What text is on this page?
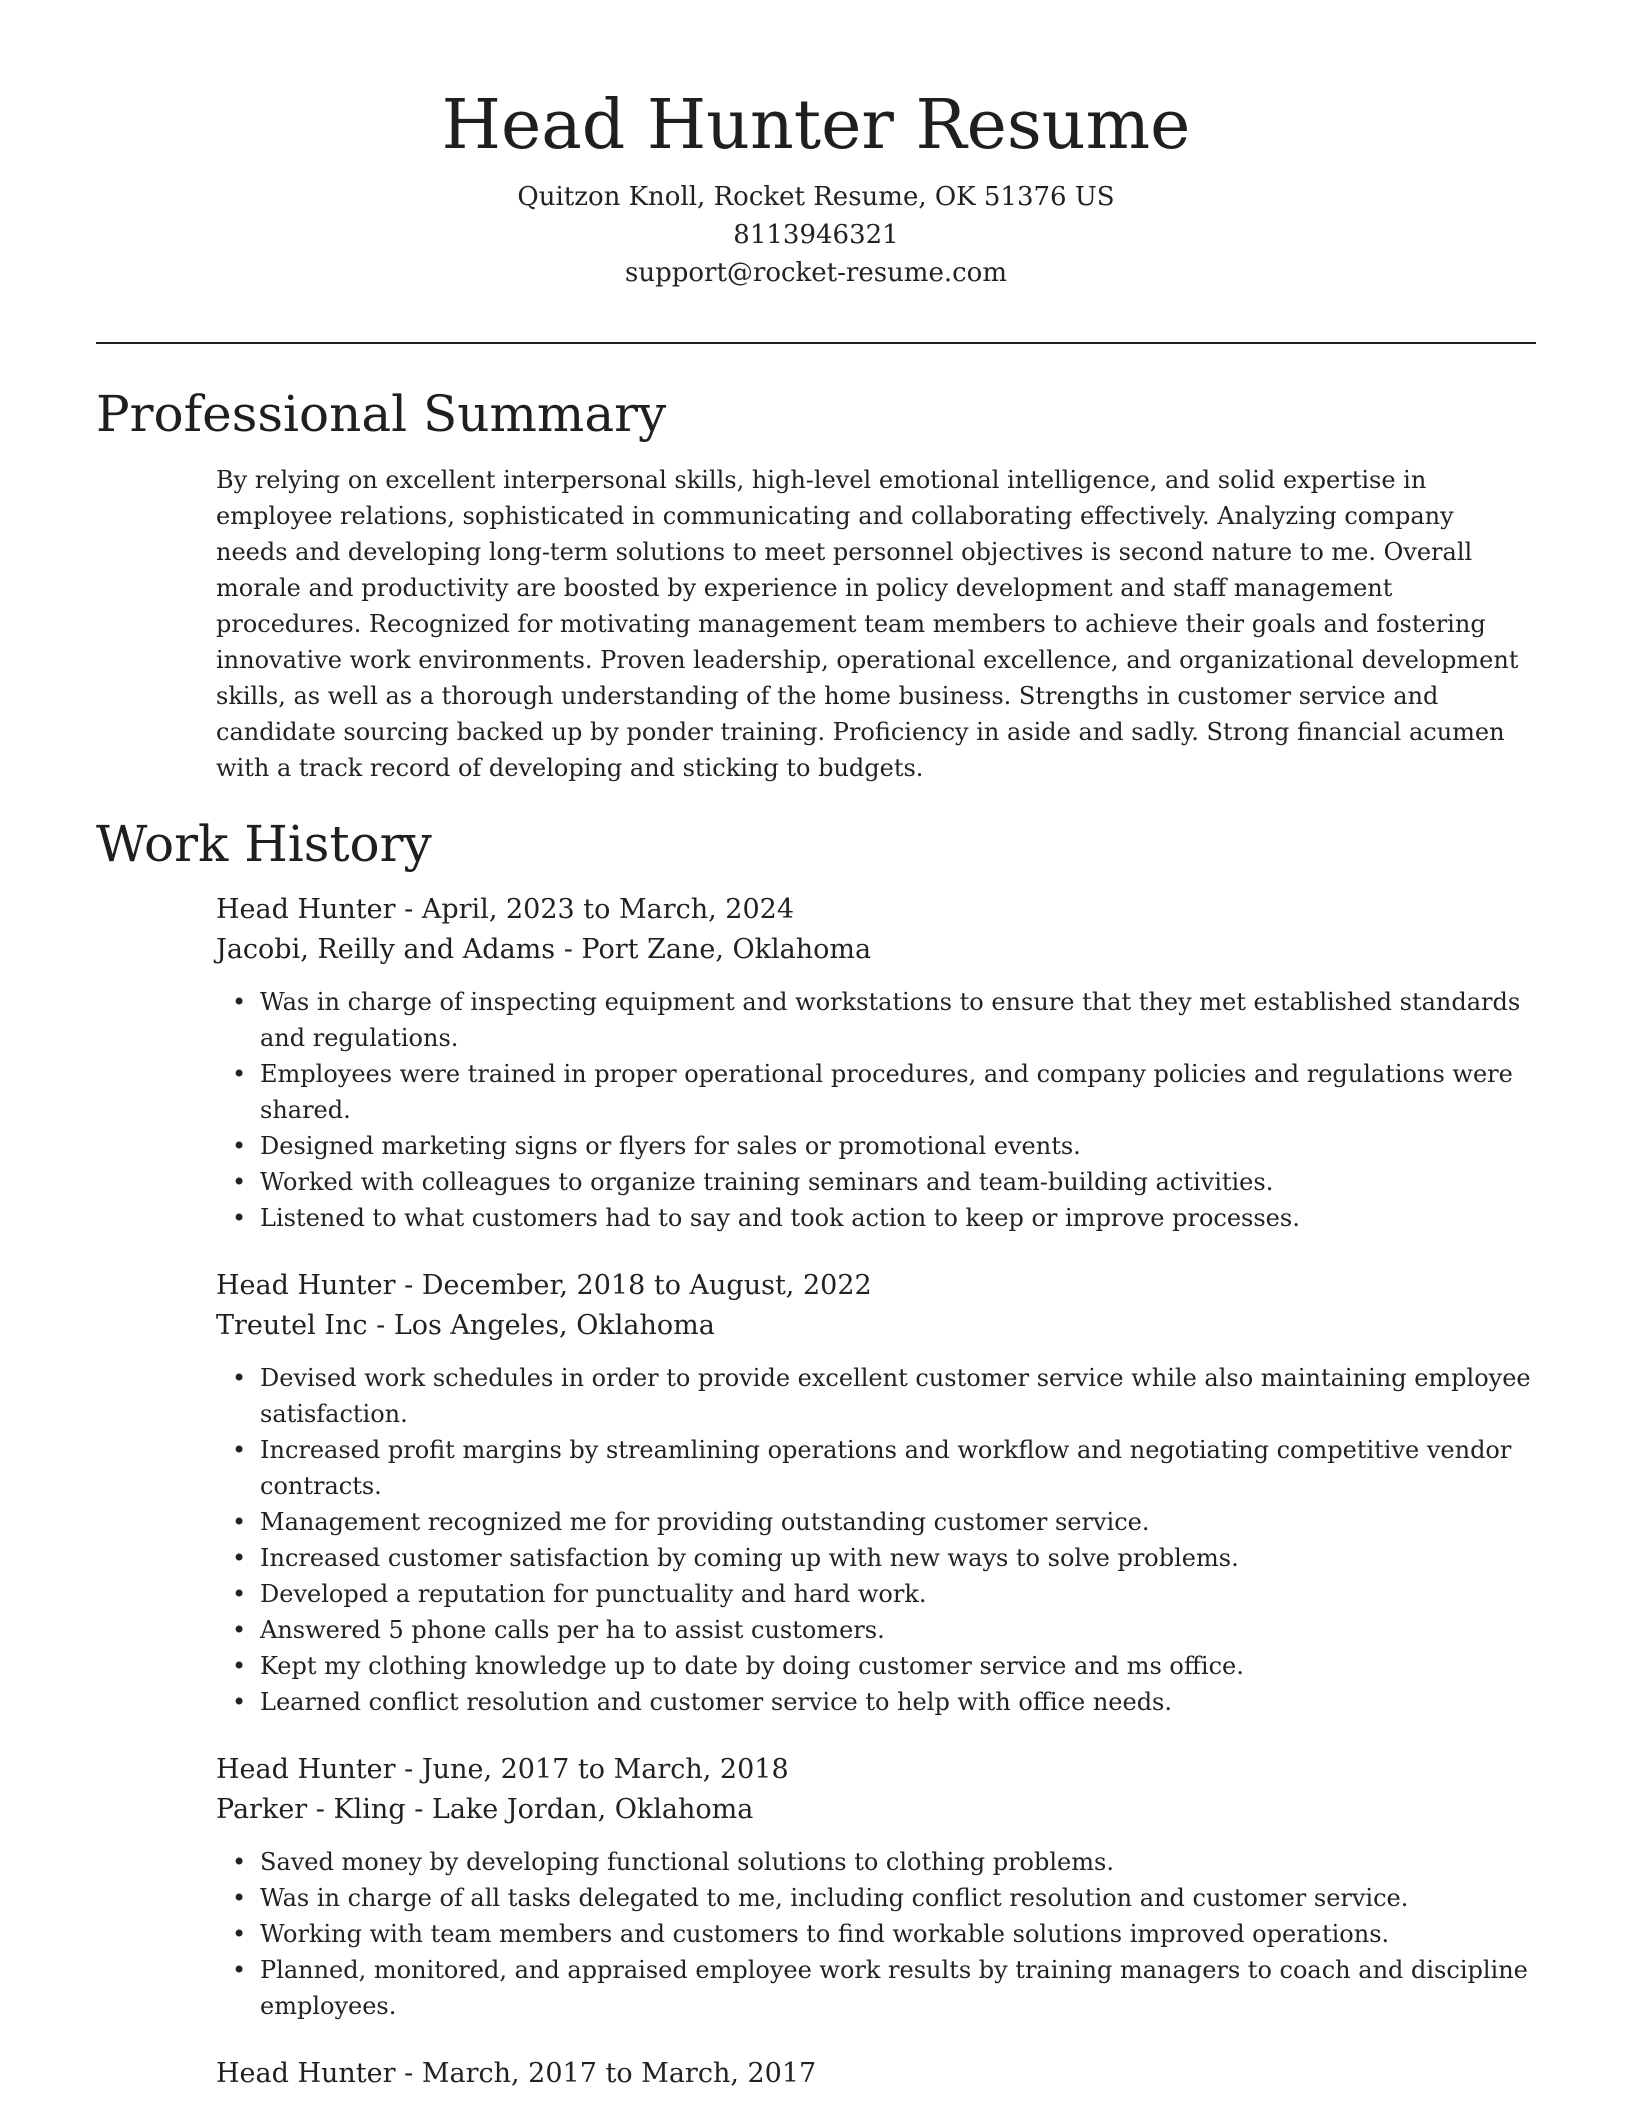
Head Hunter Resume

Quitzon Knoll, Rocket Resume, OK 51376 US

8113946321

support@rocket-resume.com

Professional Summary

By relying on excellent interpersonal skills, high-level emotional intelligence, and solid expertise in employee relations, sophisticated in communicating and collaborating effectively. Analyzing company needs and developing long-term solutions to meet personnel objectives is second nature to me. Overall morale and productivity are boosted by experience in policy development and staff management procedures. Recognized for motivating management team members to achieve their goals and fostering innovative work environments. Proven leadership, operational excellence, and organizational development skills, as well as a thorough understanding of the home business. Strengths in customer service and candidate sourcing backed up by ponder training. Proficiency in aside and sadly. Strong financial acumen with a track record of developing and sticking to budgets.

Work History

Head Hunter - April, 2023 to March, 2024

Jacobi, Reilly and Adams - Port Zane, Oklahoma

• Was in charge of inspecting equipment and workstations to ensure that they met established standards and regulations.
• Employees were trained in proper operational procedures, and company policies and regulations were shared.
• Designed marketing signs or flyers for sales or promotional events.
• Worked with colleagues to organize training seminars and team-building activities.
• Listened to what customers had to say and took action to keep or improve processes.

Head Hunter - December, 2018 to August, 2022

Treutel Inc - Los Angeles, Oklahoma

• Devised work schedules in order to provide excellent customer service while also maintaining employee satisfaction.
• Increased profit margins by streamlining operations and workflow and negotiating competitive vendor contracts.
• Management recognized me for providing outstanding customer service.
• Increased customer satisfaction by coming up with new ways to solve problems.
• Developed a reputation for punctuality and hard work.
• Answered 5 phone calls per ha to assist customers.
• Kept my clothing knowledge up to date by doing customer service and ms office.
• Learned conflict resolution and customer service to help with office needs.

Head Hunter - June, 2017 to March, 2018

Parker - Kling - Lake Jordan, Oklahoma

• Saved money by developing functional solutions to clothing problems.
• Was in charge of all tasks delegated to me, including conflict resolution and customer service.
• Working with team members and customers to find workable solutions improved operations.
• Planned, monitored, and appraised employee work results by training managers to coach and discipline employees.

Head Hunter - March, 2017 to March, 2017
